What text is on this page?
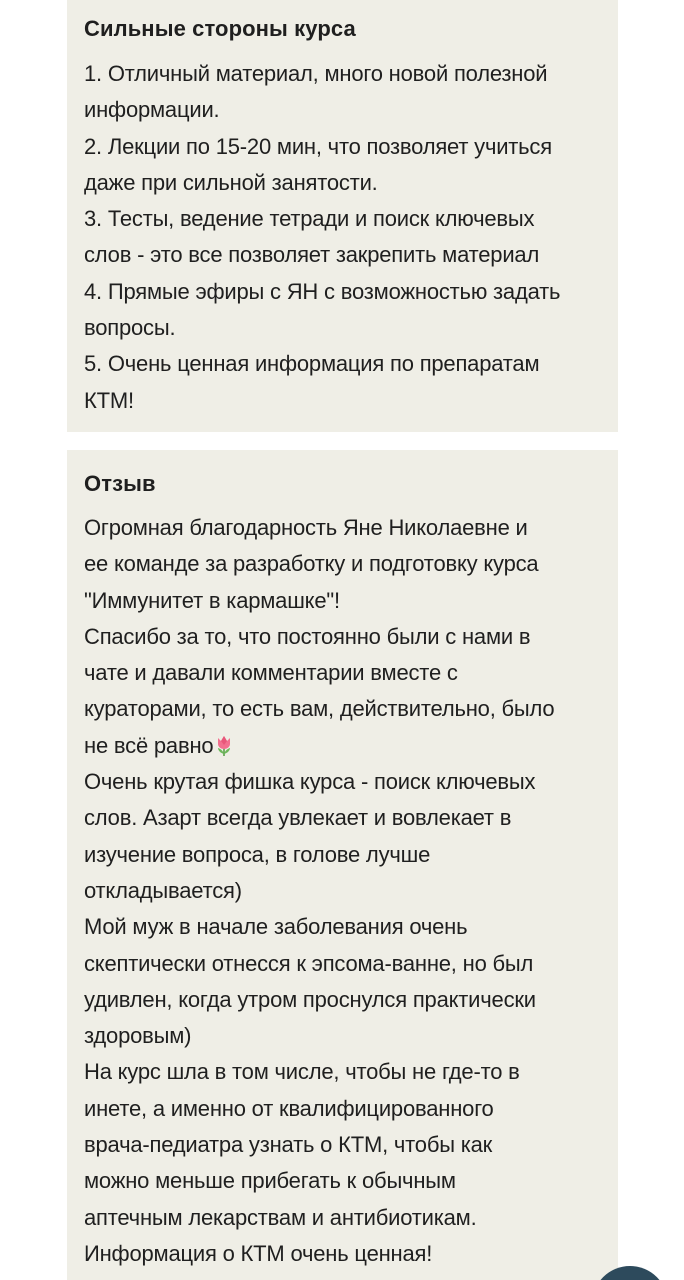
Сильные стороны курса
1. Отличный материал, много новой полезной
информации.
2. Лекции по 15-20 мин, что позволяет учиться
даже при сильной занятости.
3. Тесты, ведение тетради и поиск ключевых
слов - это все позволяет закрепить материал
4. Прямые эфиры с ЯН с возможностью задать
вопросы.
5. Очень ценная информация по препаратам
КТМ!
Отзыв
Огромная благодарность Яне Николаевне и
ее команде за разработку и подготовку курса
"Иммунитет в кармашке"!
Спасибо за то, что постоянно были с нами в
чате и давали комментарии вместе с
кураторами, то есть вам, действительно, было
не всё равно
Очень крутая фишка курса - поиск ключевых
слов. Азарт всегда увлекает и вовлекает в
изучение вопроса, в голове лучше
откладывается)
Мой муж в начале заболевания очень
скептически отнесся к эпсома-ванне, но был
удивлен, когда утром проснулся практически
здоровым)
На курс шла в том числе, чтобы не где-то в
инете, а именно от квалифицированного
врача-педиатра узнать о КТМ, чтобы как
можно меньше прибегать к обычным
аптечным лекарствам и антибиотикам.
Информация о КТМ очень ценная!
